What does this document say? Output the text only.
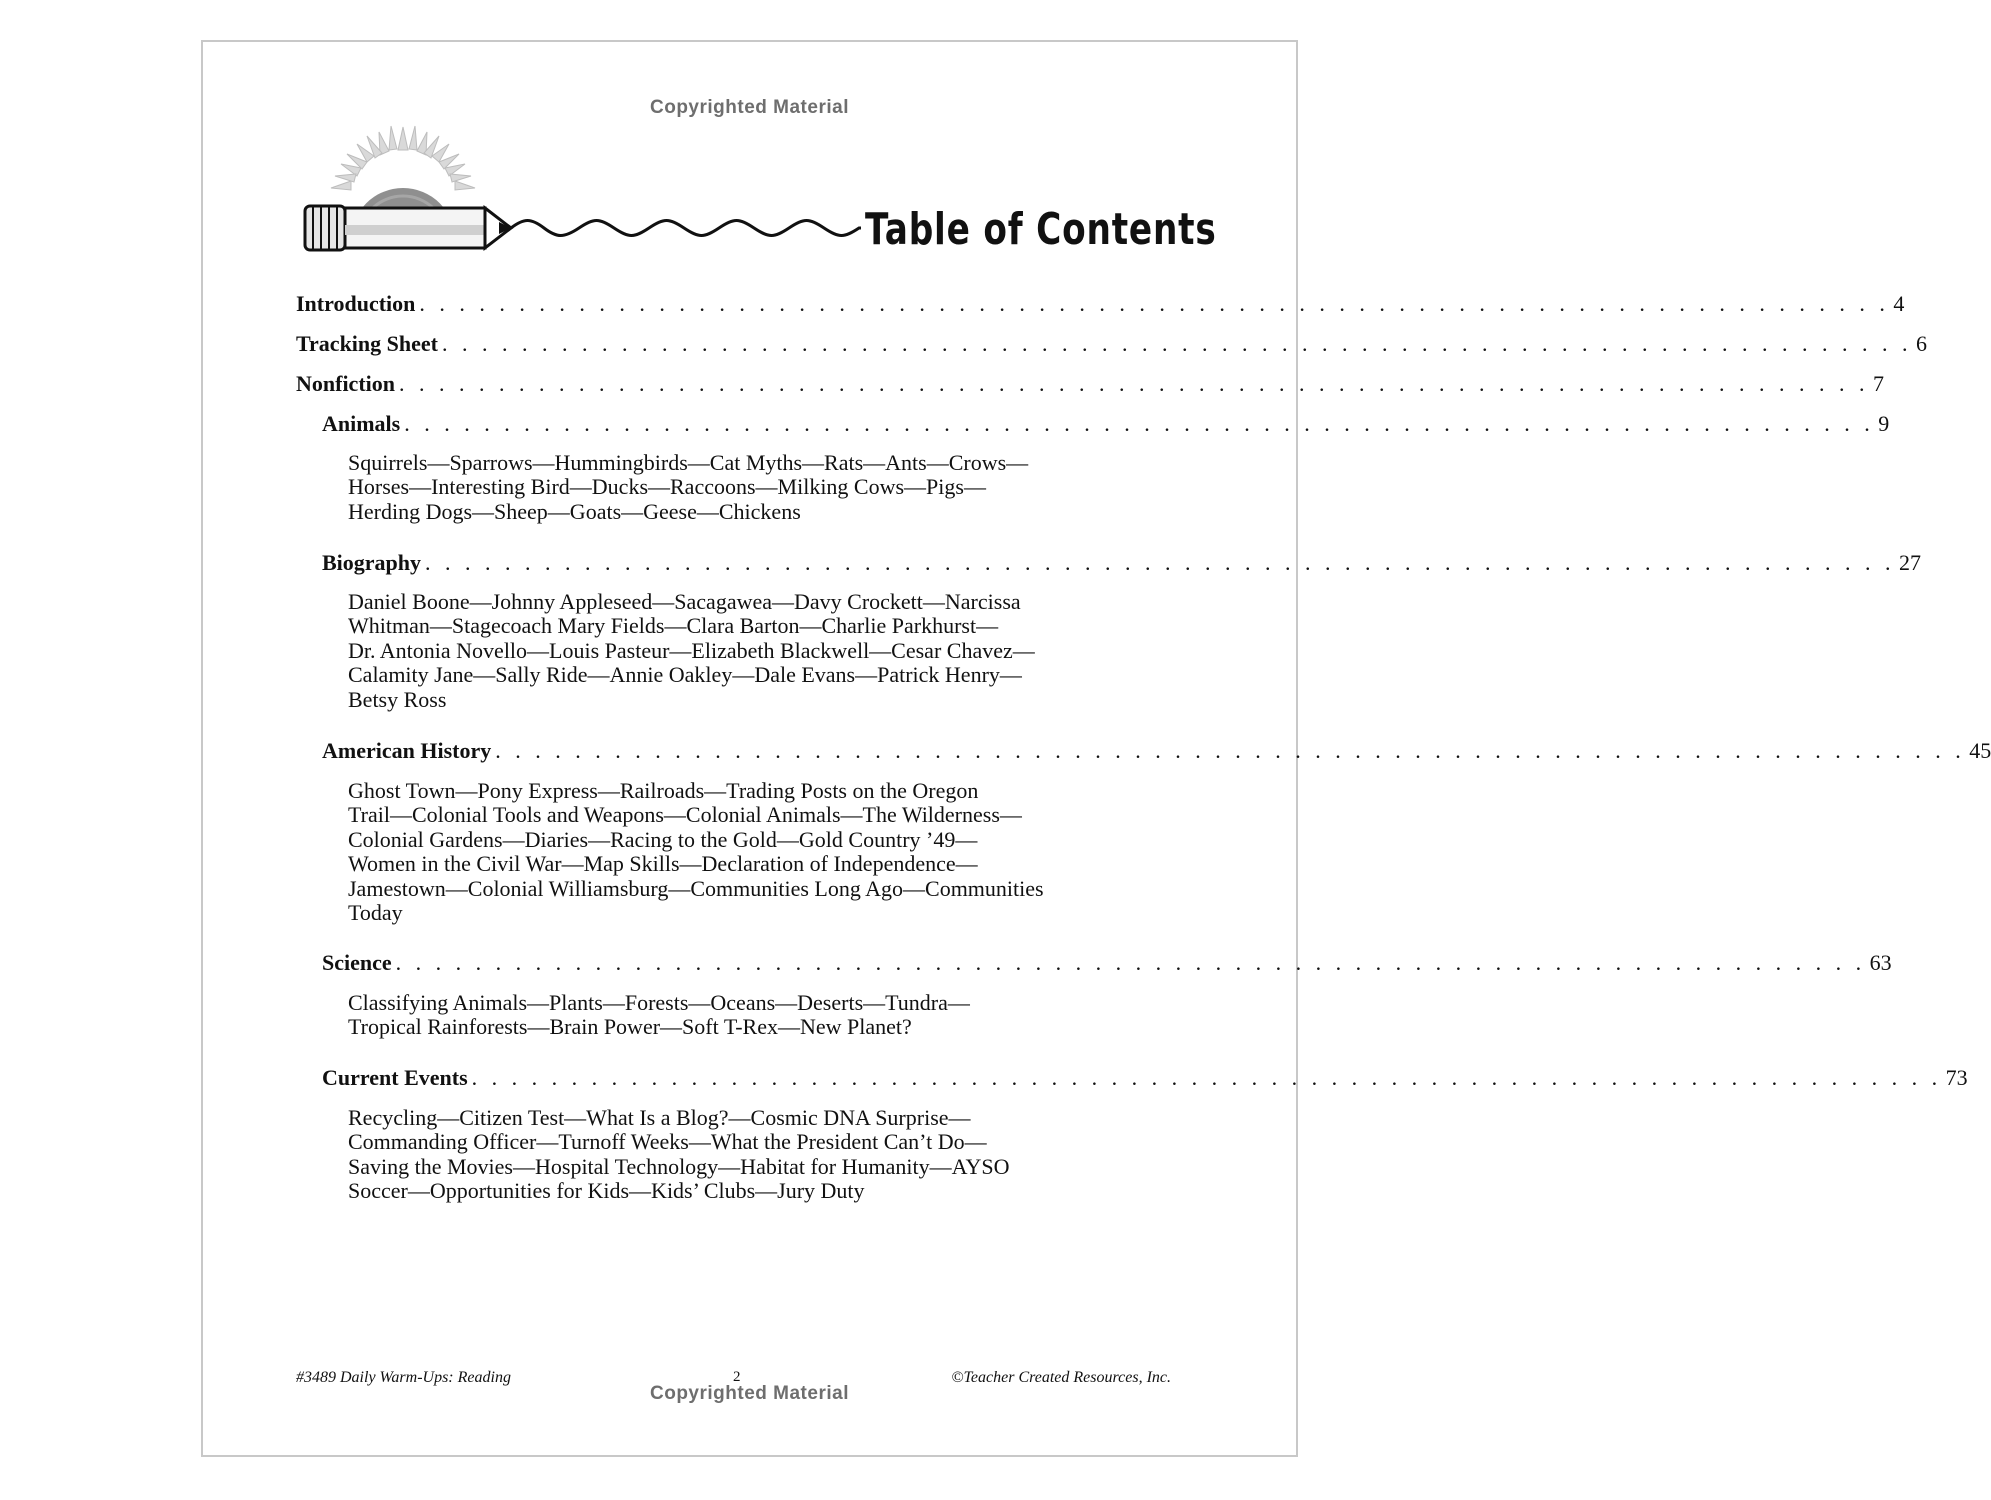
Copyrighted Material
Table of Contents
Introduction . . . . . . . . . . . . . . . . . . . . . . . . . . . . . . . . . . . . . . . . . . . . . . . . . . . . . . . . . . . . . . . . . . . . . . . . . . 4
Tracking Sheet . . . . . . . . . . . . . . . . . . . . . . . . . . . . . . . . . . . . . . . . . . . . . . . . . . . . . . . . . . . . . . . . . . . . . . . . . . 6
Nonfiction . . . . . . . . . . . . . . . . . . . . . . . . . . . . . . . . . . . . . . . . . . . . . . . . . . . . . . . . . . . . . . . . . . . . . . . . . . 7
Animals . . . . . . . . . . . . . . . . . . . . . . . . . . . . . . . . . . . . . . . . . . . . . . . . . . . . . . . . . . . . . . . . . . . . . . . . . . 9
Squirrels—Sparrows—Hummingbirds—Cat Myths—Rats—Ants—Crows—
Horses—Interesting Bird—Ducks—Raccoons—Milking Cows—Pigs—
Herding Dogs—Sheep—Goats—Geese—Chickens
Biography . . . . . . . . . . . . . . . . . . . . . . . . . . . . . . . . . . . . . . . . . . . . . . . . . . . . . . . . . . . . . . . . . . . . . . . . . . 27
Daniel Boone—Johnny Appleseed—Sacagawea—Davy Crockett—Narcissa
Whitman—Stagecoach Mary Fields—Clara Barton—Charlie Parkhurst—
Dr. Antonia Novello—Louis Pasteur—Elizabeth Blackwell—Cesar Chavez—
Calamity Jane—Sally Ride—Annie Oakley—Dale Evans—Patrick Henry—
Betsy Ross
American History . . . . . . . . . . . . . . . . . . . . . . . . . . . . . . . . . . . . . . . . . . . . . . . . . . . . . . . . . . . . . . . . . . . . . . . . . . 45
Ghost Town—Pony Express—Railroads—Trading Posts on the Oregon
Trail—Colonial Tools and Weapons—Colonial Animals—The Wilderness—
Colonial Gardens—Diaries—Racing to the Gold—Gold Country ’49—
Women in the Civil War—Map Skills—Declaration of Independence—
Jamestown—Colonial Williamsburg—Communities Long Ago—Communities
Today
Science . . . . . . . . . . . . . . . . . . . . . . . . . . . . . . . . . . . . . . . . . . . . . . . . . . . . . . . . . . . . . . . . . . . . . . . . . . 63
Classifying Animals—Plants—Forests—Oceans—Deserts—Tundra—
Tropical Rainforests—Brain Power—Soft T-Rex—New Planet?
Current Events . . . . . . . . . . . . . . . . . . . . . . . . . . . . . . . . . . . . . . . . . . . . . . . . . . . . . . . . . . . . . . . . . . . . . . . . . . 73
Recycling—Citizen Test—What Is a Blog?—Cosmic DNA Surprise—
Commanding Officer—Turnoff Weeks—What the President Can’t Do—
Saving the Movies—Hospital Technology—Habitat for Humanity—AYSO
Soccer—Opportunities for Kids—Kids’ Clubs—Jury Duty
#3489 Daily Warm-Ups: Reading	2	©Teacher Created Resources, Inc.
Copyrighted Material
